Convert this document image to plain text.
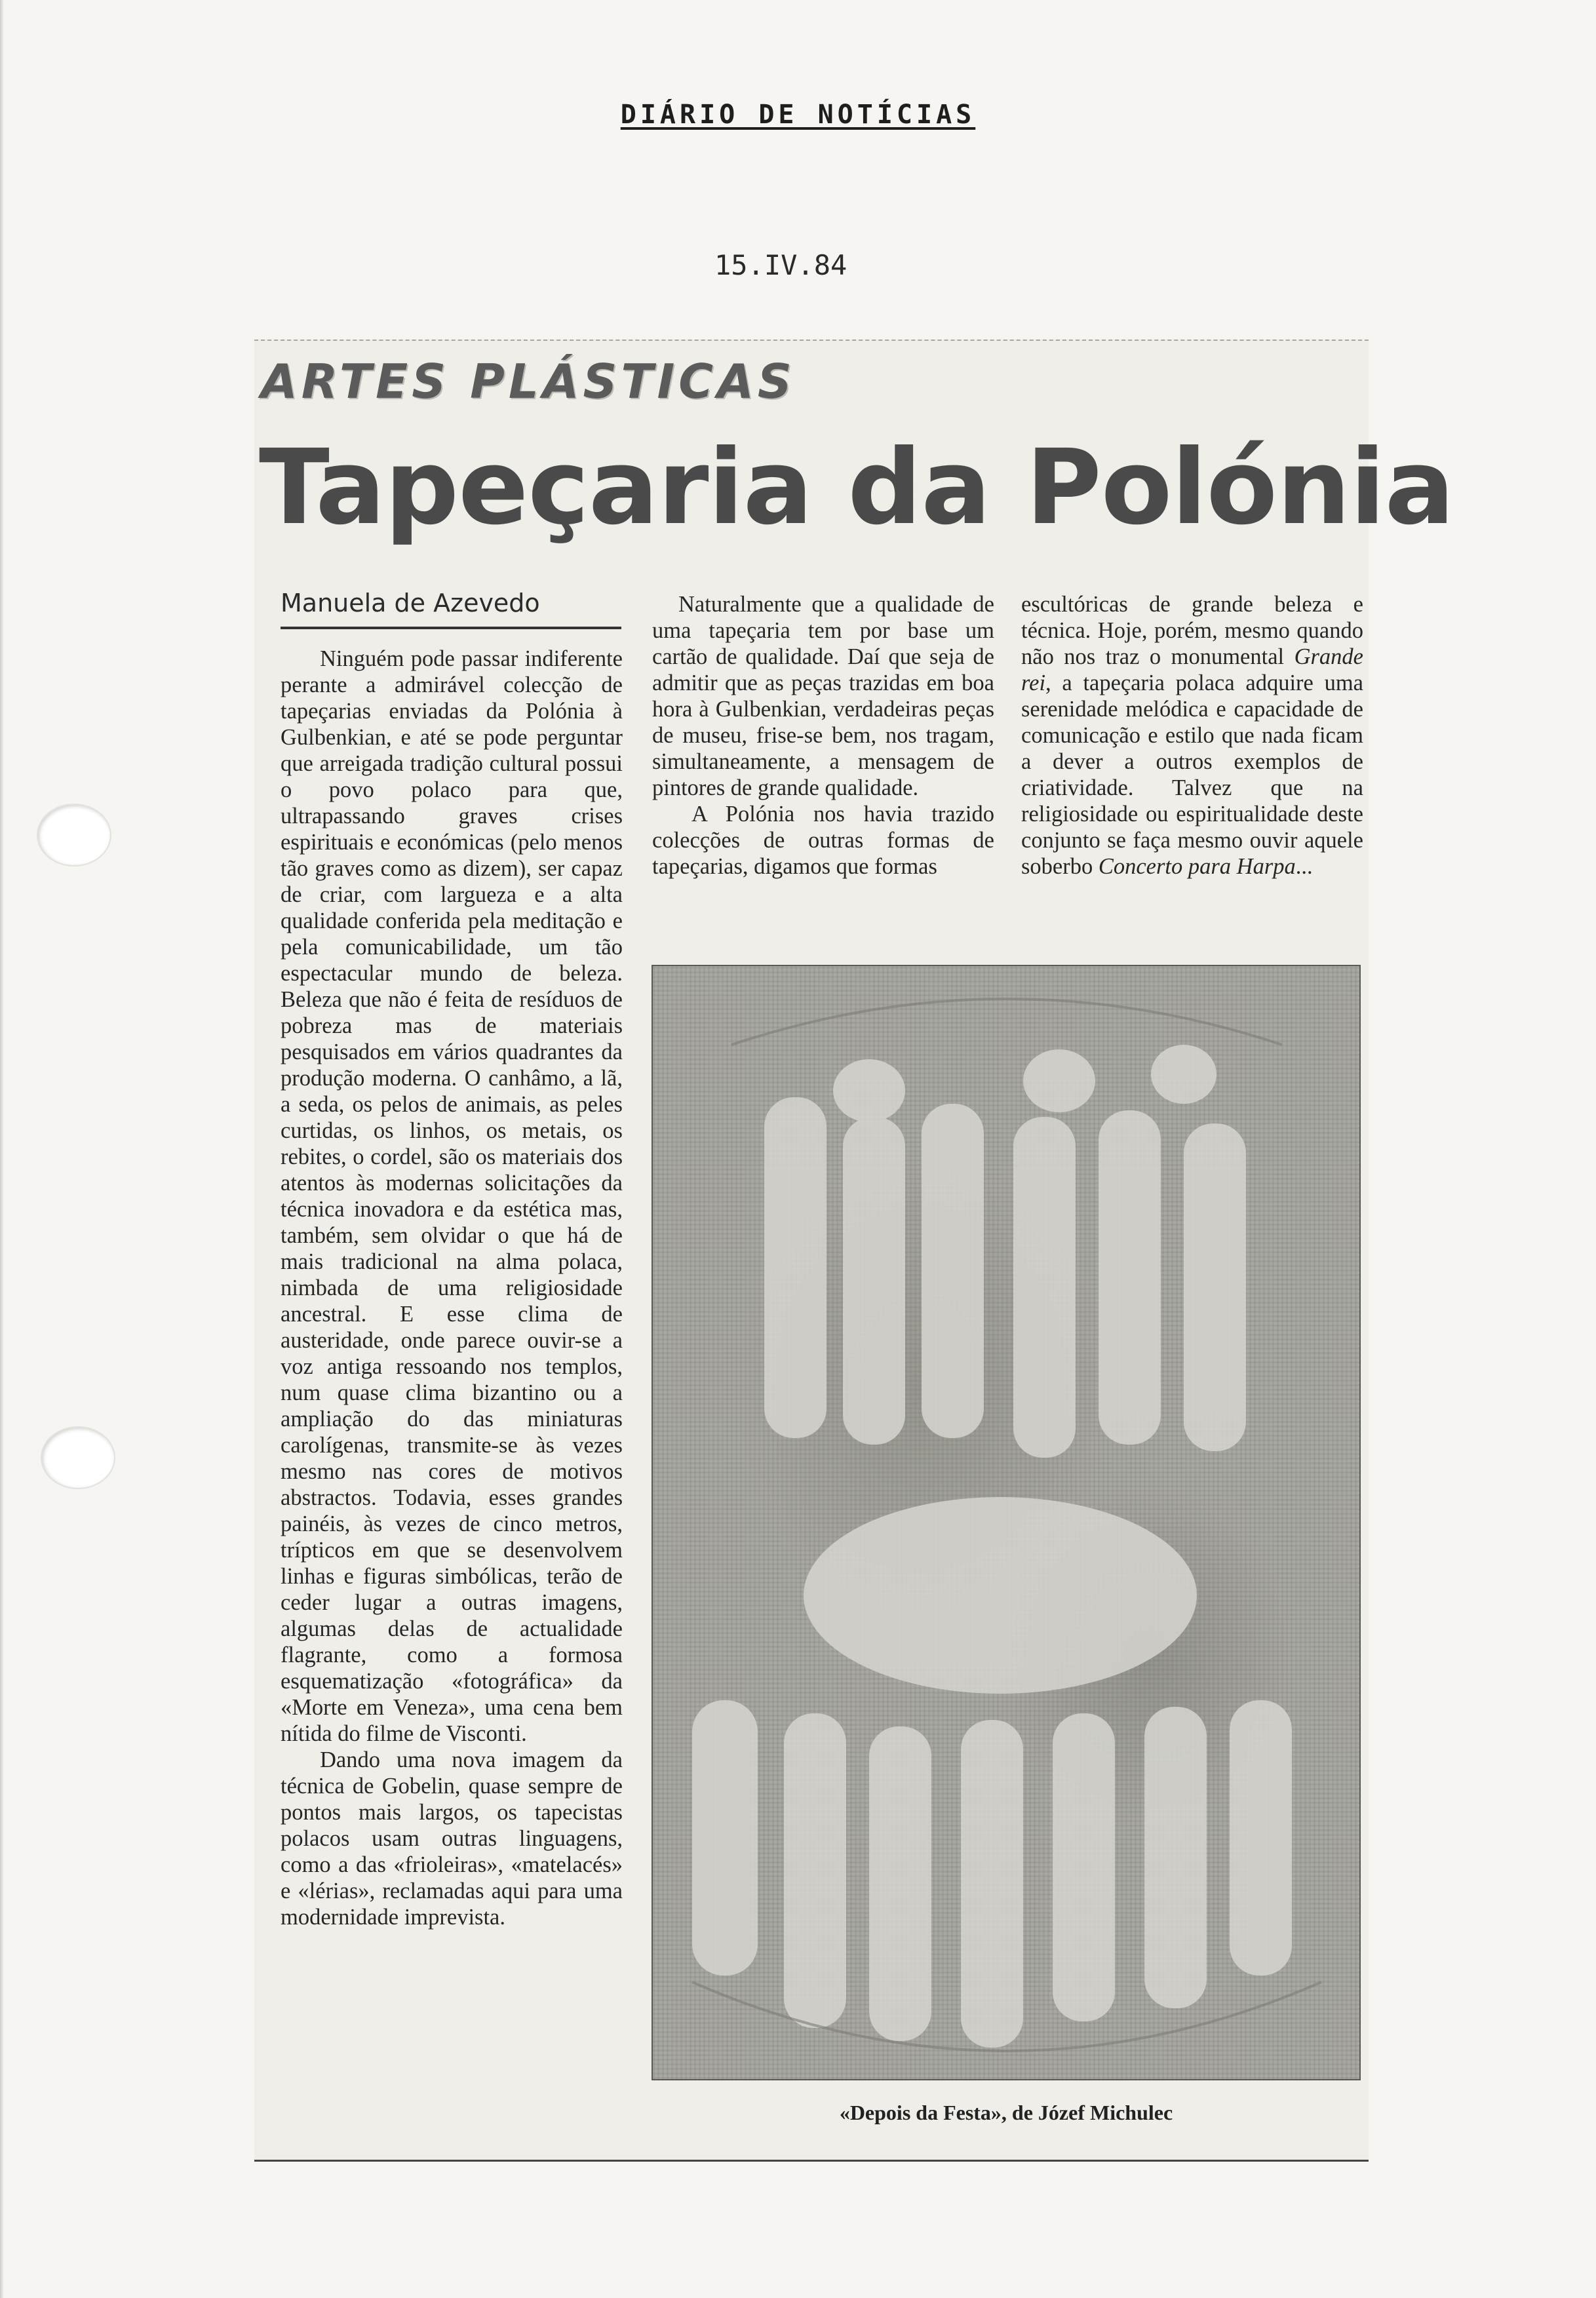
DIÁRIO DE NOTÍCIAS
15.IV.84
ARTES PLÁSTICAS
Tapeçaria da Polónia
Manuela de Azevedo

Ninguém pode passar indiferente perante a admirável colecção de tapeçarias enviadas da Polónia à Gulbenkian, e até se pode perguntar que arreigada tradição cultural possui o povo polaco para que, ultrapassando graves crises espirituais e económicas (pelo menos tão graves como as dizem), ser capaz de criar, com largueza e a alta qualidade conferida pela meditação e pela comunicabilidade, um tão espectacular mundo de beleza. Beleza que não é feita de resíduos de pobreza mas de materiais pesquisados em vários quadrantes da produção moderna. O canhâmo, a lã, a seda, os pelos de animais, as peles curtidas, os linhos, os metais, os rebites, o cordel, são os materiais dos atentos às modernas solicitações da técnica inovadora e da estética mas, também, sem olvidar o que há de mais tradicional na alma polaca, nimbada de uma religiosidade ancestral. E esse clima de austeridade, onde parece ouvir-se a voz antiga ressoando nos templos, num quase clima bizantino ou a ampliação do das miniaturas carolígenas, transmite-se às vezes mesmo nas cores de motivos abstractos. Todavia, esses grandes painéis, às vezes de cinco metros, trípticos em que se desenvolvem linhas e figuras simbólicas, terão de ceder lugar a outras imagens, algumas delas de actualidade flagrante, como a formosa esquematização «fotográfica» da «Morte em Veneza», uma cena bem nítida do filme de Visconti.

Dando uma nova imagem da técnica de Gobelin, quase sempre de pontos mais largos, os tapecistas polacos usam outras linguagens, como a das «frioleiras», «matelacés» e «lérias», reclamadas aqui para uma modernidade imprevista.

Naturalmente que a qualidade de uma tapeçaria tem por base um cartão de qualidade. Daí que seja de admitir que as peças trazidas em boa hora à Gulbenkian, verdadeiras peças de museu, frise-se bem, nos tragam, simultaneamente, a mensagem de pintores de grande qualidade.

A Polónia nos havia trazido colecções de outras formas de tapeçarias, digamos que formas

escultóricas de grande beleza e técnica. Hoje, porém, mesmo quando não nos traz o monumental Grande rei, a tapeçaria polaca adquire uma serenidade melódica e capacidade de comunicação e estilo que nada ficam a dever a outros exemplos de criatividade. Talvez que na religiosidade ou espiritualidade deste conjunto se faça mesmo ouvir aquele soberbo Concerto para Harpa...

«Depois da Festa», de Józef Michulec
